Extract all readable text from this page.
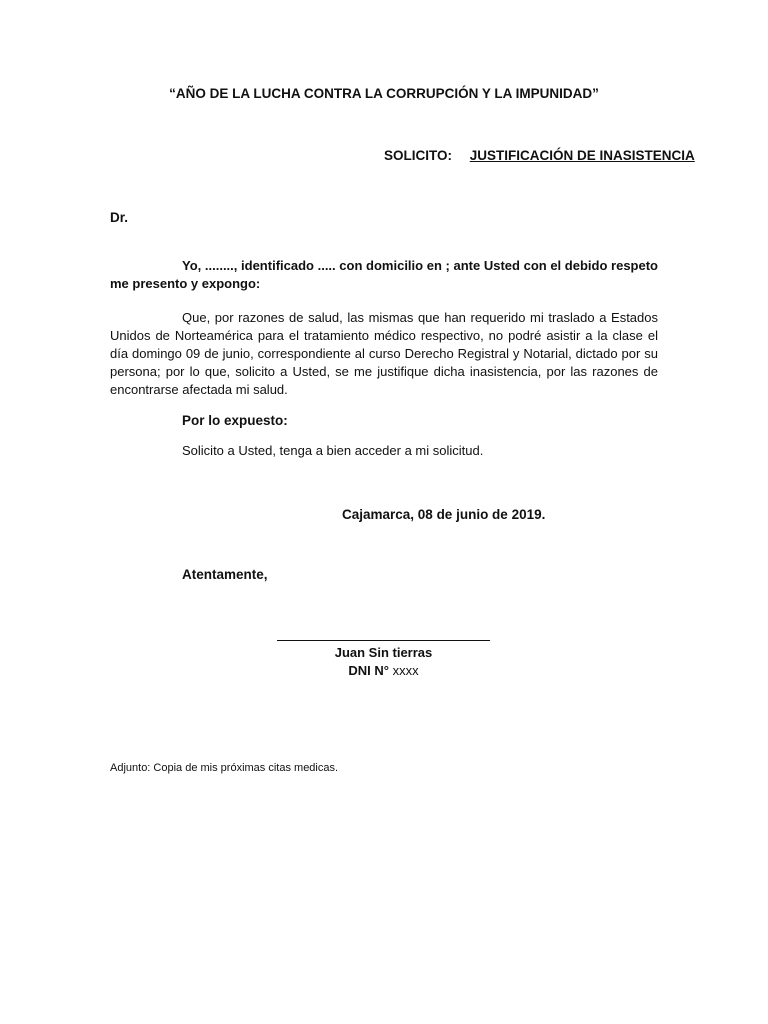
“AÑO DE LA LUCHA CONTRA LA CORRUPCIÓN Y LA IMPUNIDAD”
SOLICITO: JUSTIFICACIÓN DE INASISTENCIA
Dr.
Yo, ........, identificado ..... con domicilio en ; ante Usted con el debido respeto me presento y expongo:
Que, por razones de salud, las mismas que han requerido mi traslado a Estados Unidos de Norteamérica para el tratamiento médico respectivo, no podré asistir a la clase el día domingo 09 de junio, correspondiente al curso Derecho Registral y Notarial, dictado por su persona; por lo que, solicito a Usted, se me justifique dicha inasistencia, por las razones de encontrarse afectada mi salud.
Por lo expuesto:
Solicito a Usted, tenga a bien acceder a mi solicitud.
Cajamarca, 08 de junio de 2019.
Atentamente,
Juan Sin tierras
DNI N° xxxx
Adjunto: Copia de mis próximas citas medicas.
